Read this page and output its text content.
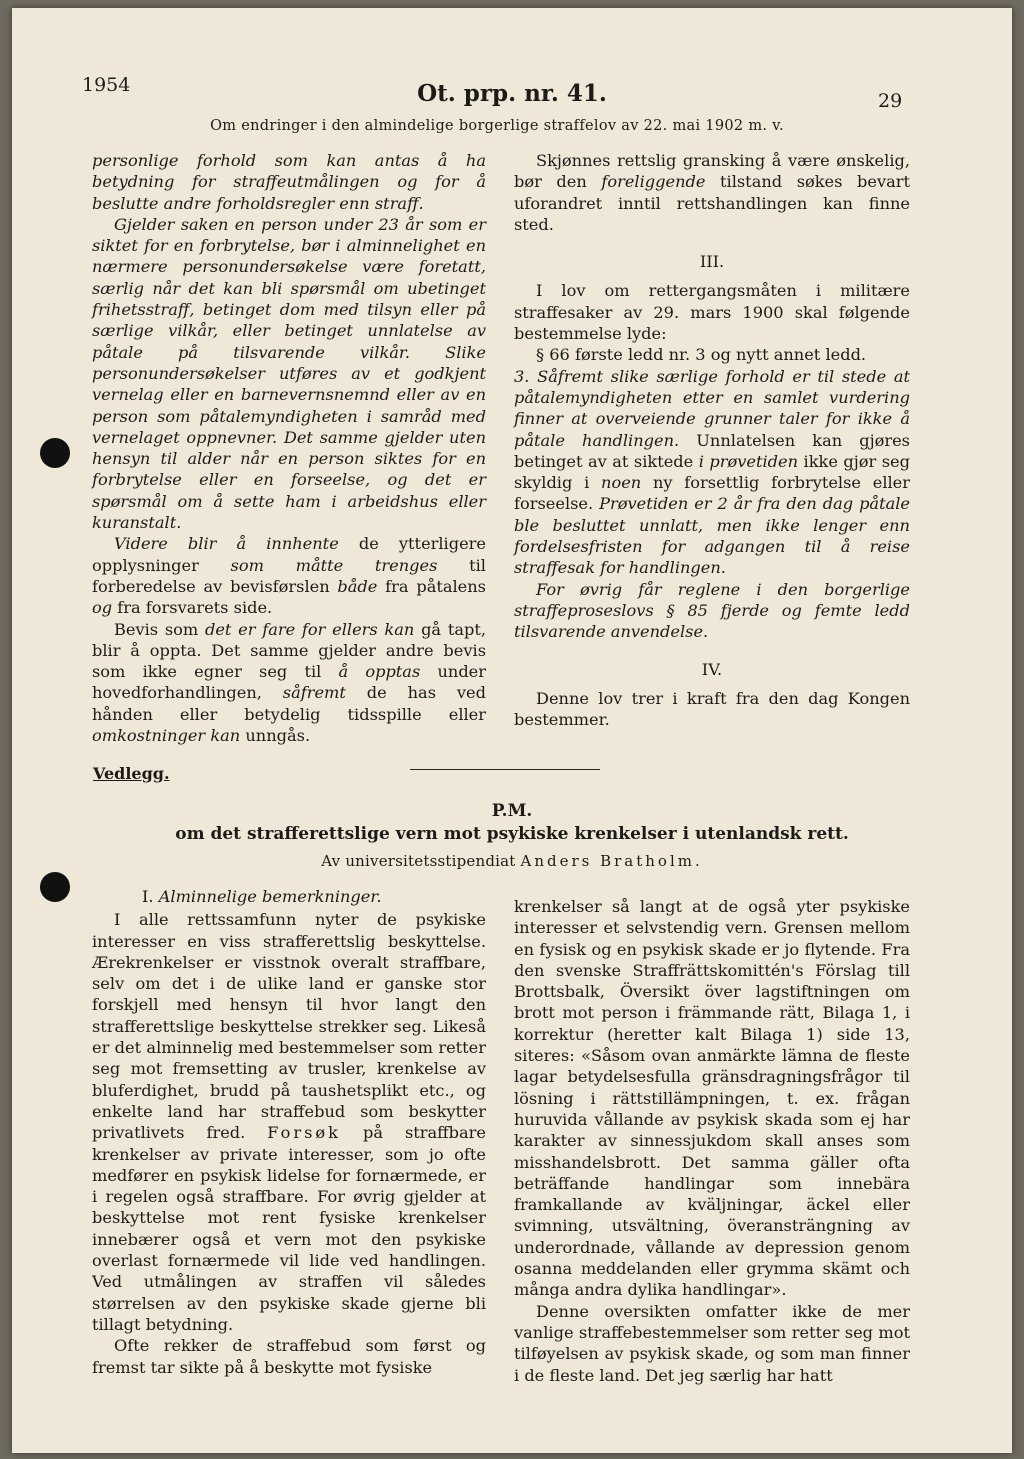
1954	Ot. prp. nr. 41.	29
Om endringer i den almindelige borgerlige straffelov av 22. mai 1902 m. v.

personlige forhold som kan antas å ha betydning for straffeutmålingen og for å beslutte andre forholdsregler enn straff.

Gjelder saken en person under 23 år som er siktet for en forbrytelse, bør i alminnelighet en nærmere personundersøkelse være foretatt, særlig når det kan bli spørsmål om ubetinget frihetsstraff, betinget dom med tilsyn eller på særlige vilkår, eller betinget unnlatelse av påtale på tilsvarende vilkår. Slike personundersøkelser utføres av et godkjent vernelag eller en barnevernsnemnd eller av en person som påtalemyndigheten i samråd med vernelaget oppnevner. Det samme gjelder uten hensyn til alder når en person siktes for en forbrytelse eller en forseelse, og det er spørsmål om å sette ham i arbeidshus eller kuranstalt.

Videre blir å innhente de ytterligere opplysninger som måtte trenges til forberedelse av bevisførslen både fra påtalens og fra forsvarets side.

Bevis som det er fare for ellers kan gå tapt, blir å oppta. Det samme gjelder andre bevis som ikke egner seg til å opptas under hovedforhandlingen, såfremt de has ved hånden eller betydelig tidsspille eller omkostninger kan unngås.

Skjønnes rettslig gransking å være ønskelig, bør den foreliggende tilstand søkes bevart uforandret inntil rettshandlingen kan finne sted.

III.

I lov om rettergangsmåten i militære straffesaker av 29. mars 1900 skal følgende bestemmelse lyde:

§ 66 første ledd nr. 3 og nytt annet ledd.

3. Såfremt slike særlige forhold er til stede at påtalemyndigheten etter en samlet vurdering finner at overveiende grunner taler for ikke å påtale handlingen. Unnlatelsen kan gjøres betinget av at siktede i prøvetiden ikke gjør seg skyldig i noen ny forsettlig forbrytelse eller forseelse. Prøvetiden er 2 år fra den dag påtale ble besluttet unnlatt, men ikke lenger enn fordelsesfristen for adgangen til å reise straffesak for handlingen.

For øvrig får reglene i den borgerlige straffeproseslovs § 85 fjerde og femte ledd tilsvarende anvendelse.

IV.

Denne lov trer i kraft fra den dag Kongen bestemmer.

Vedlegg.
P.M.
om det strafferettslige vern mot psykiske krenkelser i utenlandsk rett.
Av universitetsstipendiat Anders Bratholm.

I. Alminnelige bemerkninger.

I alle rettssamfunn nyter de psykiske interesser en viss strafferettslig beskyttelse. Ærekrenkelser er visstnok overalt straffbare, selv om det i de ulike land er ganske stor forskjell med hensyn til hvor langt den strafferettslige beskyttelse strekker seg. Likeså er det alminnelig med bestemmelser som retter seg mot fremsetting av trusler, krenkelse av bluferdighet, brudd på taushetsplikt etc., og enkelte land har straffebud som beskytter privatlivets fred. Forsøk på straffbare krenkelser av private interesser, som jo ofte medfører en psykisk lidelse for fornærmede, er i regelen også straffbare. For øvrig gjelder at beskyttelse mot rent fysiske krenkelser innebærer også et vern mot den psykiske overlast fornærmede vil lide ved handlingen. Ved utmålingen av straffen vil således størrelsen av den psykiske skade gjerne bli tillagt betydning.

Ofte rekker de straffebud som først og fremst tar sikte på å beskytte mot fysiske

krenkelser så langt at de også yter psykiske interesser et selvstendig vern. Grensen mellom en fysisk og en psykisk skade er jo flytende. Fra den svenske Straffrättskomittén's Förslag till Brottsbalk, Översikt över lagstiftningen om brott mot person i främmande rätt, Bilaga 1, i korrektur (heretter kalt Bilaga 1) side 13, siteres: «Såsom ovan anmärkte lämna de fleste lagar betydelsesfulla gränsdragningsfrågor til lösning i rättstillämpningen, t. ex. frågan huruvida vållande av psykisk skada som ej har karakter av sinnessjukdom skall anses som misshandelsbrott. Det samma gäller ofta beträffande handlingar som innebära framkallande av kväljningar, äckel eller svimning, utsvältning, överansträngning av underordnade, vållande av depression genom osanna meddelanden eller grymma skämt och många andra dylika handlingar».

Denne oversikten omfatter ikke de mer vanlige straffebestemmelser som retter seg mot tilføyelsen av psykisk skade, og som man finner i de fleste land. Det jeg særlig har hatt
